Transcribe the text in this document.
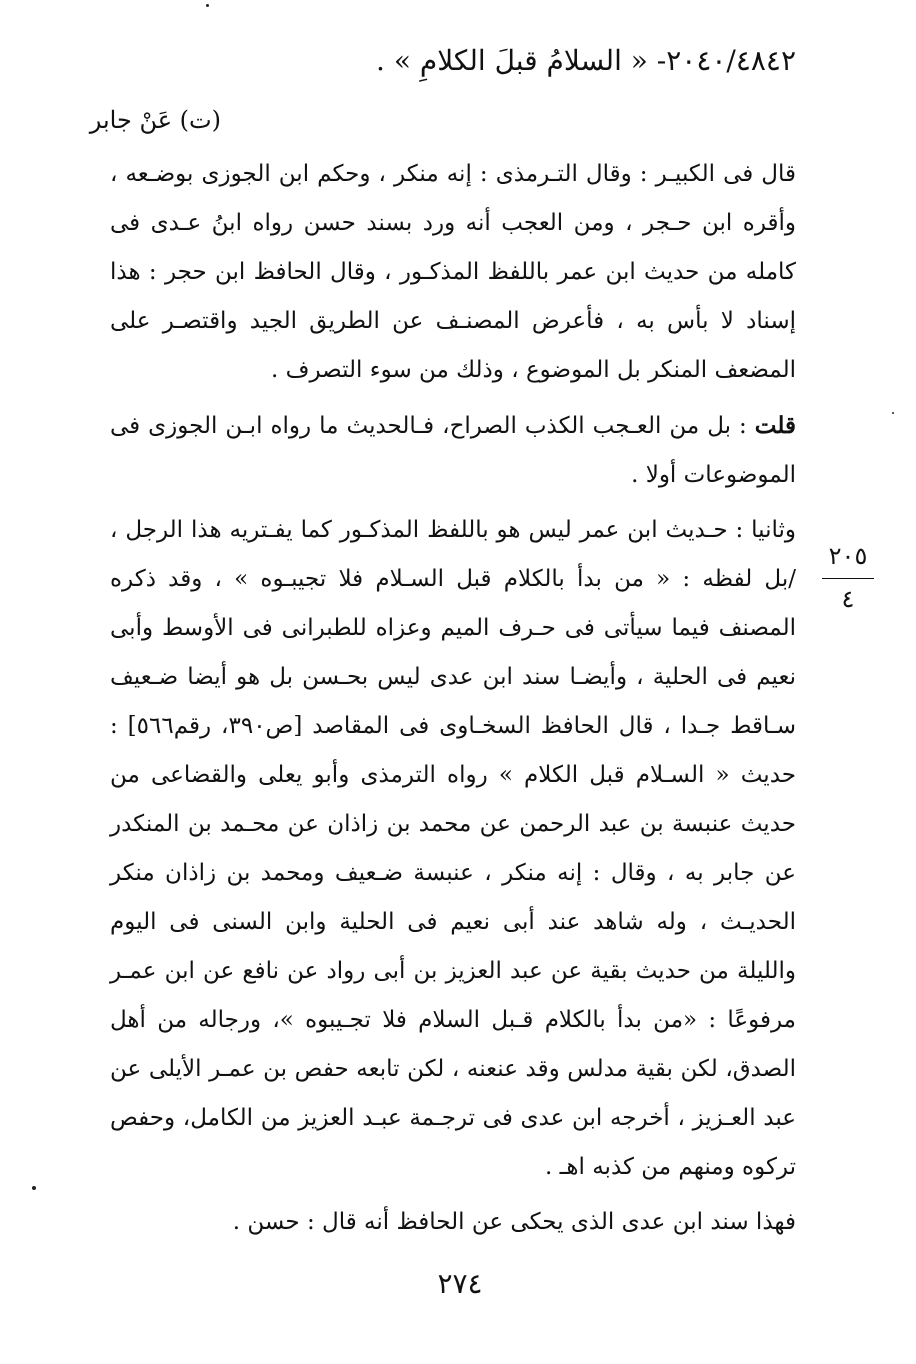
٢٠٤٠/٤٨٤٢- « السلامُ قبلَ الكلامِ » .
(ت) عَنْ جابر

قال فى الكبيـر : وقال التـرمذى : إنه منكر ، وحكم ابن الجوزى بوضـعه ، وأقره ابن حـجر ، ومن العجب أنه ورد بسند حسن رواه ابنُ عـدى فى كامله من حديث ابن عمر باللفظ المذكـور ، وقال الحافظ ابن حجر : هذا إسناد لا بأس به ، فأعرض المصنـف عن الطريق الجيد واقتصـر على المضعف المنكر بل الموضوع ، وذلك من سوء التصرف .

قلت : بل من العـجب الكذب الصراح، فـالحديث ما رواه ابـن الجوزى فى الموضوعات أولا .

وثانيا : حـديث ابن عمر ليس هو باللفظ المذكـور كما يفـتريه هذا الرجل ، /بل لفظه : « من بدأ بالكلام قبل السـلام فلا تجيبـوه » ، وقد ذكره المصنف فيما سيأتى فى حـرف الميم وعزاه للطبرانى فى الأوسط وأبى نعيم فى الحلية ، وأيضـا سند ابن عدى ليس بحـسن بل هو أيضا ضـعيف سـاقط جـدا ، قال الحافظ السخـاوى فى المقاصد [ص٣٩٠، رقم٥٦٦] : حديث « السـلام قبل الكلام » رواه الترمذى وأبو يعلى والقضاعى من حديث عنبسة بن عبد الرحمن عن محمد بن زاذان عن محـمد بن المنكدر عن جابر به ، وقال : إنه منكر ، عنبسة ضـعيف ومحمد بن زاذان منكر الحديـث ، وله شاهد عند أبى نعيم فى الحلية وابن السنى فى اليوم والليلة من حديث بقية عن عبد العزيز بن أبى رواد عن نافع عن ابن عمـر مرفوعًا : «من بدأ بالكلام قـبل السلام فلا تجـيبوه »، ورجاله من أهل الصدق، لكن بقية مدلس وقد عنعنه ، لكن تابعه حفص بن عمـر الأيلى عن عبد العـزيز ، أخرجه ابن عدى فى ترجـمة عبـد العزيز من الكامل، وحفص تركوه ومنهم من كذبه اهـ .

فهذا سند ابن عدى الذى يحكى عن الحافظ أنه قال : حسن .

٢٠٥
٤
٢٧٤
